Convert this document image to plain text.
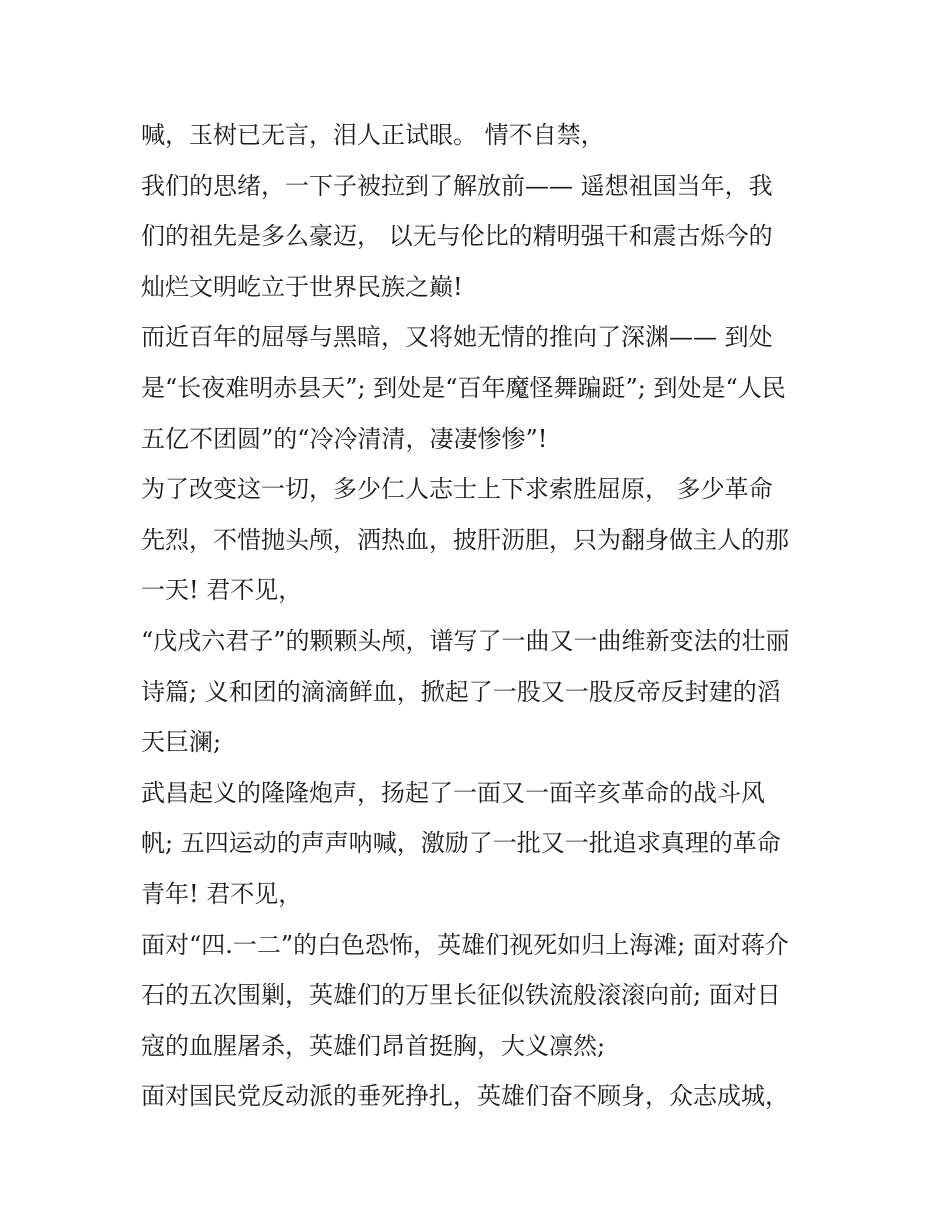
喊，玉树已无言，泪人正试眼。 情不自禁，
我们的思绪，一下子被拉到了解放前—— 遥想祖国当年，我
们的祖先是多么豪迈， 以无与伦比的精明强干和震古烁今的
灿烂文明屹立于世界民族之巅!
而近百年的屈辱与黑暗，又将她无情的推向了深渊—— 到处
是“长夜难明赤县天”; 到处是“百年魔怪舞蹁跹”; 到处是“人民
五亿不团圆”的“冷冷清清，凄凄惨惨”!
为了改变这一切，多少仁人志士上下求索胜屈原， 多少革命
先烈，不惜抛头颅，洒热血，披肝沥胆，只为翻身做主人的那
一天! 君不见，
“戊戌六君子”的颗颗头颅，谱写了一曲又一曲维新变法的壮丽
诗篇; 义和团的滴滴鲜血，掀起了一股又一股反帝反封建的滔
天巨澜;
武昌起义的隆隆炮声，扬起了一面又一面辛亥革命的战斗风
帆; 五四运动的声声呐喊，激励了一批又一批追求真理的革命
青年! 君不见，
面对“四.一二”的白色恐怖，英雄们视死如归上海滩; 面对蒋介
石的五次围剿，英雄们的万里长征似铁流般滚滚向前; 面对日
寇的血腥屠杀，英雄们昂首挺胸，大义凛然;
面对国民党反动派的垂死挣扎，英雄们奋不顾身，众志成城，
